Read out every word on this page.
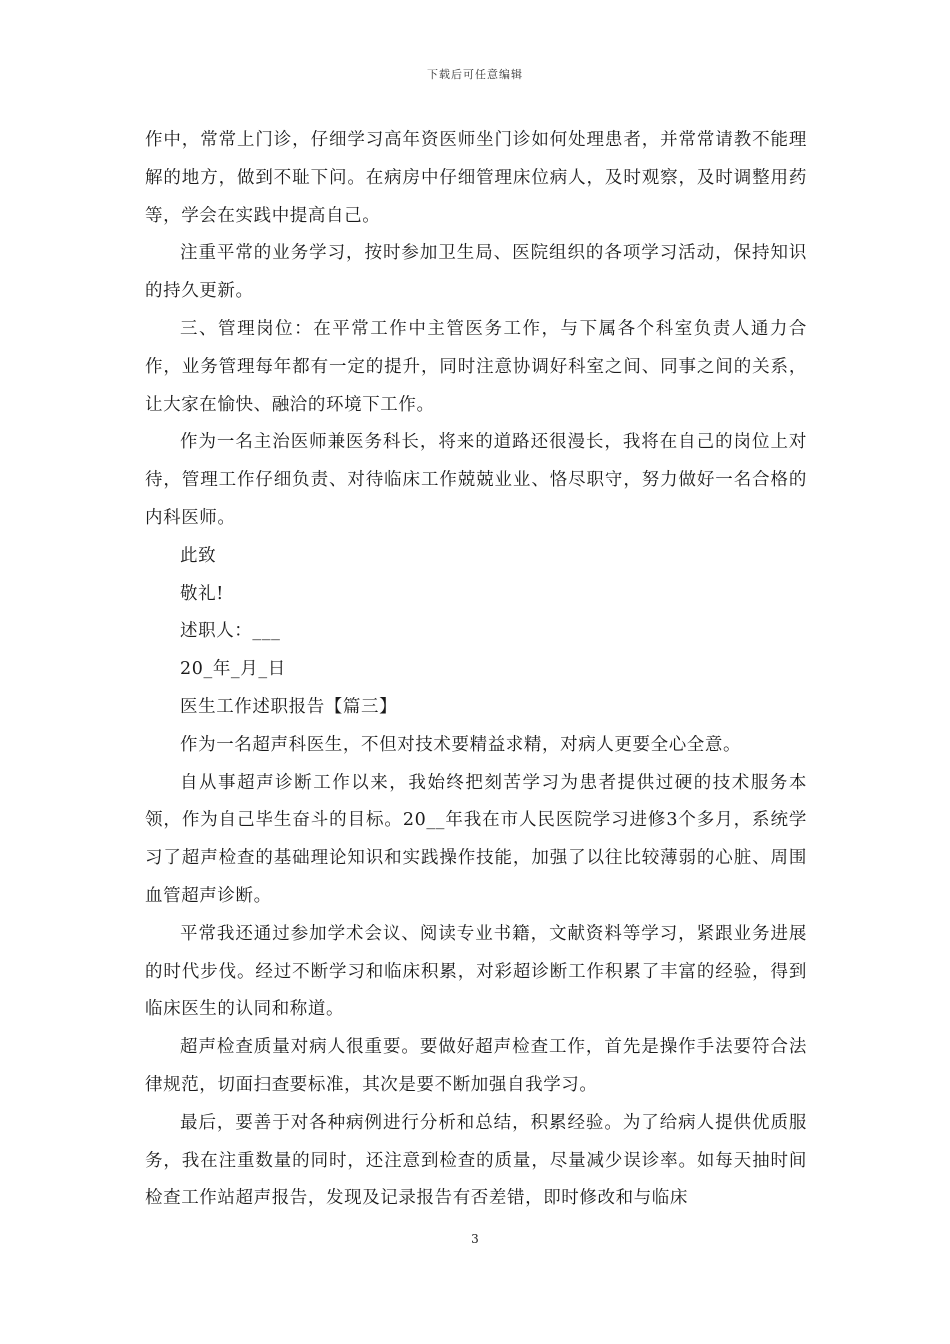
下载后可任意编辑

作中，常常上门诊，仔细学习高年资医师坐门诊如何处理患者，并常常请教不能理解的地方，做到不耻下问。在病房中仔细管理床位病人，及时观察，及时调整用药等，学会在实践中提高自己。

注重平常的业务学习，按时参加卫生局、医院组织的各项学习活动，保持知识的持久更新。

三、管理岗位：在平常工作中主管医务工作，与下属各个科室负责人通力合作，业务管理每年都有一定的提升，同时注意协调好科室之间、同事之间的关系，让大家在愉快、融洽的环境下工作。

作为一名主治医师兼医务科长，将来的道路还很漫长，我将在自己的岗位上对待，管理工作仔细负责、对待临床工作兢兢业业、恪尽职守，努力做好一名合格的内科医师。

此致

敬礼!

述职人：___

20_年_月_日

医生工作述职报告【篇三】

作为一名超声科医生，不但对技术要精益求精，对病人更要全心全意。

自从事超声诊断工作以来，我始终把刻苦学习为患者提供过硬的技术服务本领，作为自己毕生奋斗的目标。20__年我在市人民医院学习进修3个多月，系统学习了超声检查的基础理论知识和实践操作技能，加强了以往比较薄弱的心脏、周围血管超声诊断。

平常我还通过参加学术会议、阅读专业书籍，文献资料等学习，紧跟业务进展的时代步伐。经过不断学习和临床积累，对彩超诊断工作积累了丰富的经验，得到临床医生的认同和称道。

超声检查质量对病人很重要。要做好超声检查工作，首先是操作手法要符合法律规范，切面扫查要标准，其次是要不断加强自我学习。

最后，要善于对各种病例进行分析和总结，积累经验。为了给病人提供优质服务，我在注重数量的同时，还注意到检查的质量，尽量减少误诊率。如每天抽时间检查工作站超声报告，发现及记录报告有否差错，即时修改和与临床

3
